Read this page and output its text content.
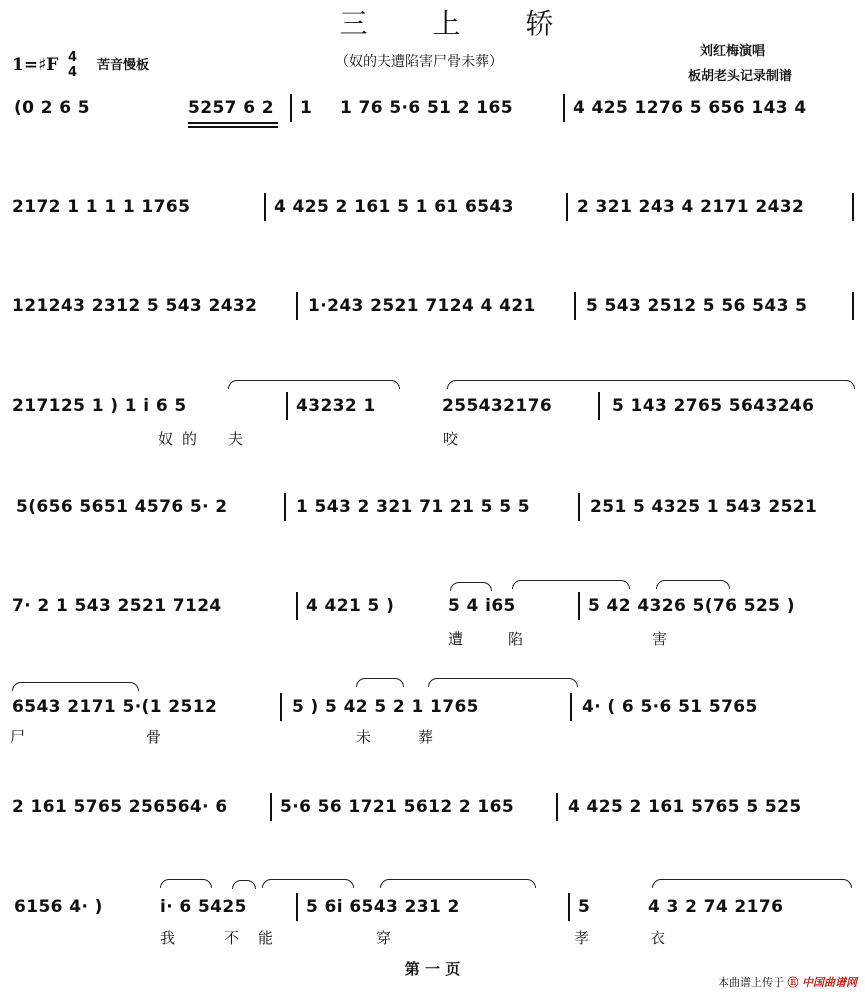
三 上 轿
1=♯F 4
4 苦音慢板	（奴的夫遭陷害尸骨未葬）
刘红梅演唱
板胡老头记录制谱
(0 2 6 5	5257 6 2 1 1 76 5·6 51 2 165	4 425 1276 5 656 143 4
2172 1 1 1 1 1765	4 425 2 161 5 1 61 6543	2 321 243 4 2171 2432
121243 2312 5 543 2432	1·243 2521 7124 4 421	5 543 2512 5 56 543 5
217125 1 ) 1 i 6 5	43232 1	255432176	5 143 2765 5643246
奴 的 夫	咬
5(656 5651 4576 5· 2	1 543 2 321 71 21 5 5 5	251 5 4325 1 543 2521
7· 2 1 543 2521 7124	4 421 5 )	5 4 i65	5 42 4326 5(76 525 )
遭	陷	害
6543 2171 5·(1 2512	5 ) 5 42 5 2 1 1765	4· ( 6 5·6 51 5765
尸	骨	未	葬
2 161 5765 256564· 6	5·6 56 1721 5612 2 165	4 425 2 161 5765 5 525
6156 4· )	i· 6 5425	5 6i 6543 231 2	5	4 3 2 74 2176
我	不 能	穿	孝	衣
第 一 页
本曲谱上传于 Ⓔ 中国曲谱网
